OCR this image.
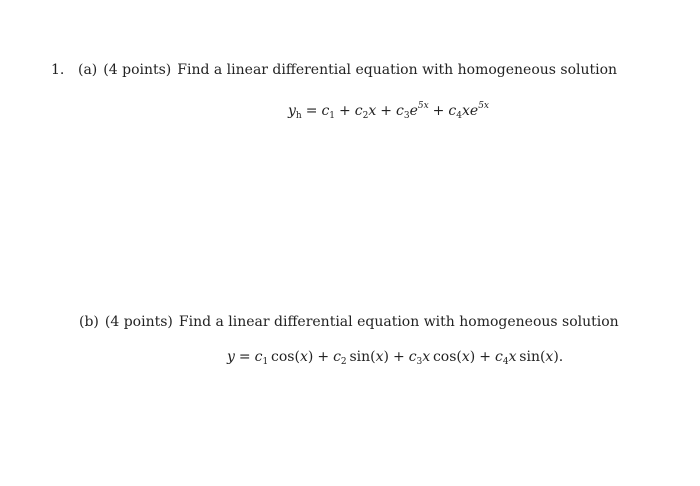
1. (a) (4 points) Find a linear differential equation with homogeneous solution
$y_h = c_1 + c_2x + c_3e^{5x} + c_4xe^{5x}$
(b) (4 points) Find a linear differential equation with homogeneous solution
$y = c_1$  $\cos(x) + c_2$  $\sin(x) + c_3x$  $\cos(x) + c_4x$  sin(x).
